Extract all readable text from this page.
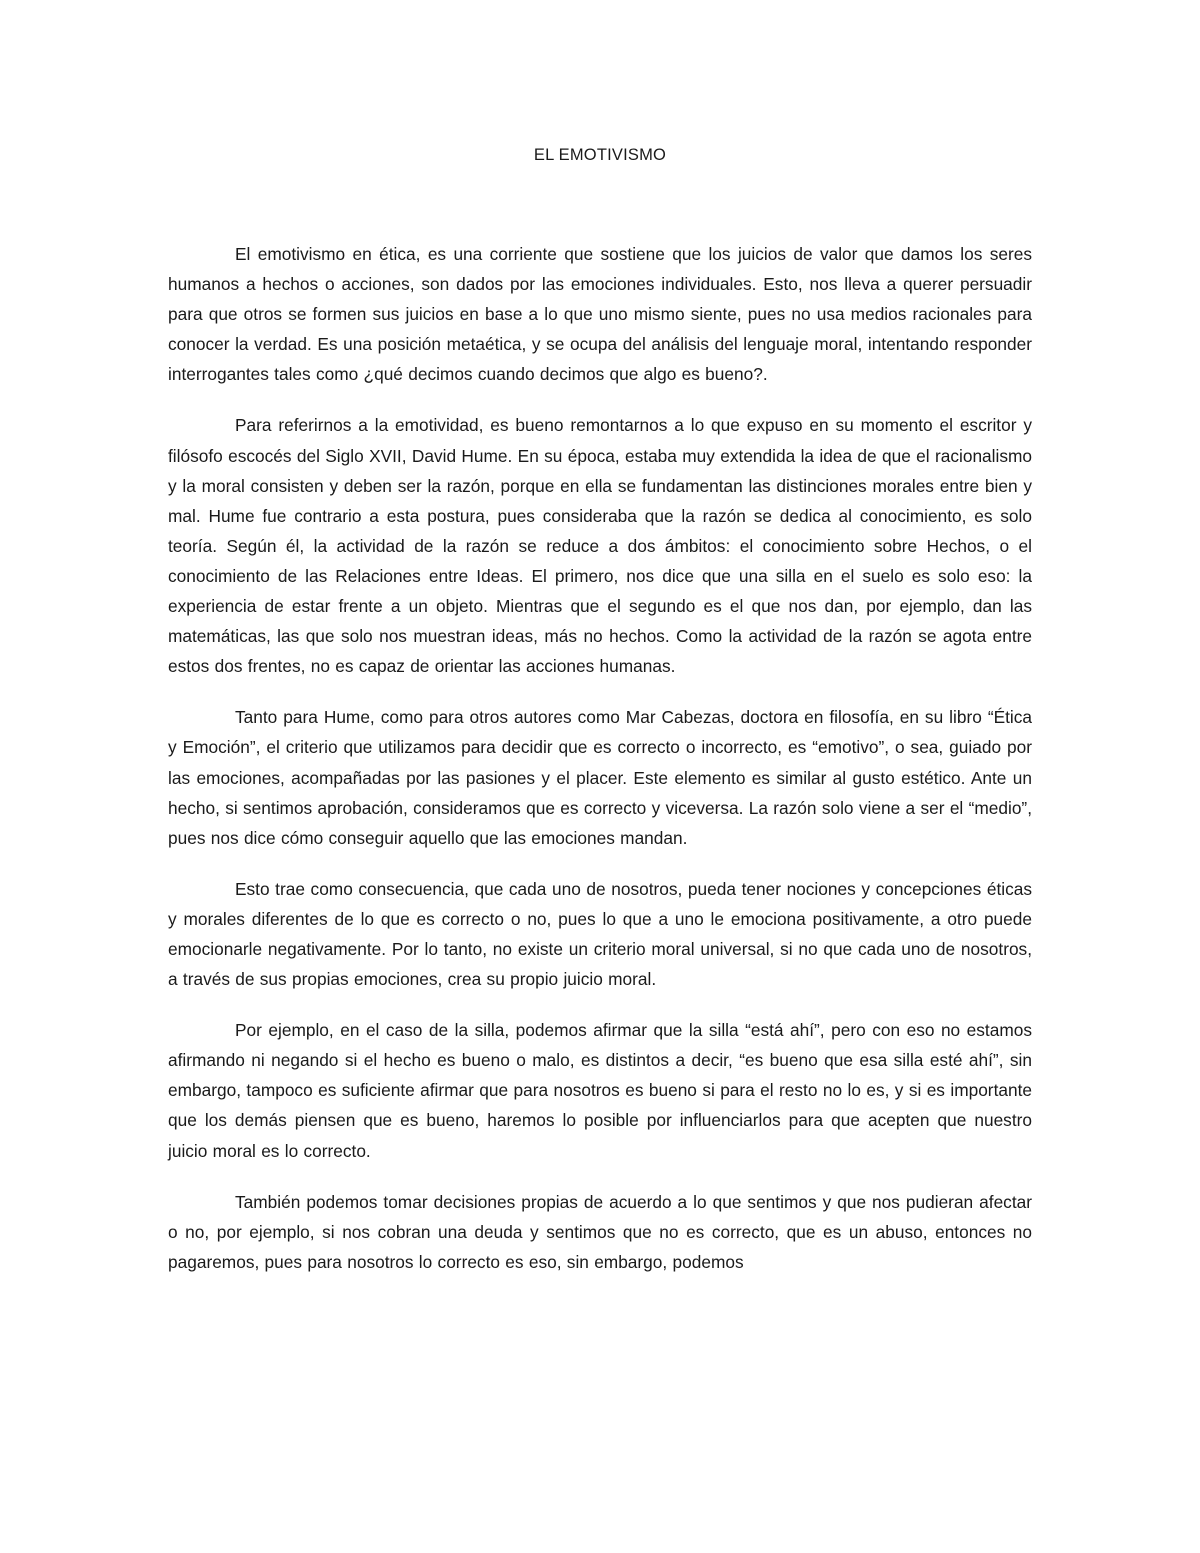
EL EMOTIVISMO

El emotivismo en ética, es una corriente que sostiene que los juicios de valor que damos los seres humanos a hechos o acciones, son dados por las emociones individuales. Esto, nos lleva a querer persuadir para que otros se formen sus juicios en base a lo que uno mismo siente, pues no usa medios racionales para conocer la verdad. Es una posición metaética, y se ocupa del análisis del lenguaje moral, intentando responder interrogantes tales como ¿qué decimos cuando decimos que algo es bueno?.

Para referirnos a la emotividad, es bueno remontarnos a lo que expuso en su momento el escritor y filósofo escocés del Siglo XVII, David Hume. En su época, estaba muy extendida la idea de que el racionalismo y la moral consisten y deben ser la razón, porque en ella se fundamentan las distinciones morales entre bien y mal. Hume fue contrario a esta postura, pues consideraba que la razón se dedica al conocimiento, es solo teoría. Según él, la actividad de la razón se reduce a dos ámbitos: el conocimiento sobre Hechos, o el conocimiento de las Relaciones entre Ideas. El primero, nos dice que una silla en el suelo es solo eso: la experiencia de estar frente a un objeto. Mientras que el segundo es el que nos dan, por ejemplo, dan las matemáticas, las que solo nos muestran ideas, más no hechos. Como la actividad de la razón se agota entre estos dos frentes, no es capaz de orientar las acciones humanas.

Tanto para Hume, como para otros autores como Mar Cabezas, doctora en filosofía, en su libro “Ética y Emoción”, el criterio que utilizamos para decidir que es correcto o incorrecto, es “emotivo”, o sea, guiado por las emociones, acompañadas por las pasiones y el placer. Este elemento es similar al gusto estético. Ante un hecho, si sentimos aprobación, consideramos que es correcto y viceversa. La razón solo viene a ser el “medio”, pues nos dice cómo conseguir aquello que las emociones mandan.

Esto trae como consecuencia, que cada uno de nosotros, pueda tener nociones y concepciones éticas y morales diferentes de lo que es correcto o no, pues lo que a uno le emociona positivamente, a otro puede emocionarle negativamente. Por lo tanto, no existe un criterio moral universal, si no que cada uno de nosotros, a través de sus propias emociones, crea su propio juicio moral.

Por ejemplo, en el caso de la silla, podemos afirmar que la silla “está ahí”, pero con eso no estamos afirmando ni negando si el hecho es bueno o malo, es distintos a decir, “es bueno que esa silla esté ahí”, sin embargo, tampoco es suficiente afirmar que para nosotros es bueno si para el resto no lo es, y si es importante que los demás piensen que es bueno, haremos lo posible por influenciarlos para que acepten que nuestro juicio moral es lo correcto.

También podemos tomar decisiones propias de acuerdo a lo que sentimos y que nos pudieran afectar o no, por ejemplo, si nos cobran una deuda y sentimos que no es correcto, que es un abuso, entonces no pagaremos, pues para nosotros lo correcto es eso, sin embargo, podemos
